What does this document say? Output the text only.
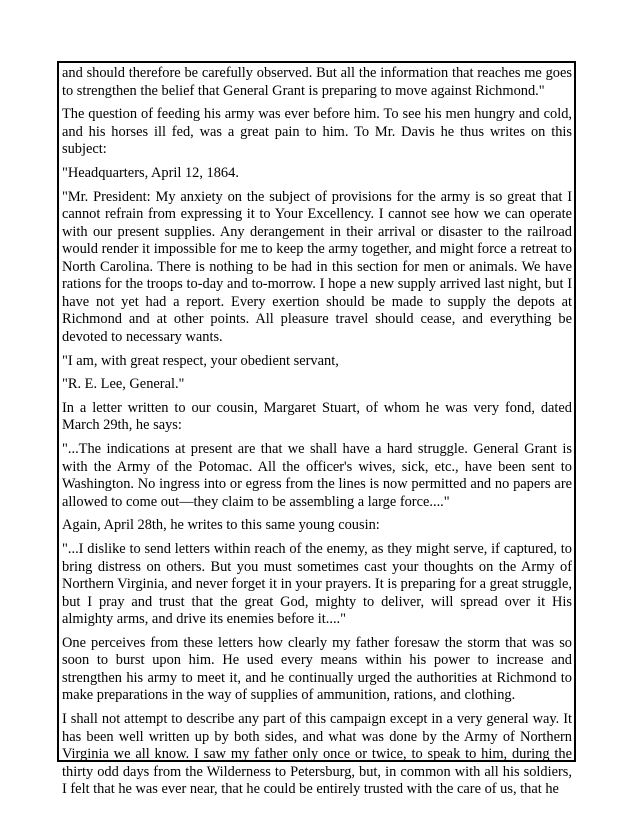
and should therefore be carefully observed. But all the information that reaches me goes to strengthen the belief that General Grant is preparing to move against Richmond."

The question of feeding his army was ever before him. To see his men hungry and cold, and his horses ill fed, was a great pain to him. To Mr. Davis he thus writes on this subject:

"Headquarters, April 12, 1864.

"Mr. President: My anxiety on the subject of provisions for the army is so great that I cannot refrain from expressing it to Your Excellency. I cannot see how we can operate with our present supplies. Any derangement in their arrival or disaster to the railroad would render it impossible for me to keep the army together, and might force a retreat to North Carolina. There is nothing to be had in this section for men or animals. We have rations for the troops to-day and to-morrow. I hope a new supply arrived last night, but I have not yet had a report. Every exertion should be made to supply the depots at Richmond and at other points. All pleasure travel should cease, and everything be devoted to necessary wants.

"I am, with great respect, your obedient servant,

"R. E. Lee, General."

In a letter written to our cousin, Margaret Stuart, of whom he was very fond, dated March 29th, he says:

"...The indications at present are that we shall have a hard struggle. General Grant is with the Army of the Potomac. All the officer's wives, sick, etc., have been sent to Washington. No ingress into or egress from the lines is now permitted and no papers are allowed to come out—they claim to be assembling a large force...."

Again, April 28th, he writes to this same young cousin:

"...I dislike to send letters within reach of the enemy, as they might serve, if captured, to bring distress on others. But you must sometimes cast your thoughts on the Army of Northern Virginia, and never forget it in your prayers. It is preparing for a great struggle, but I pray and trust that the great God, mighty to deliver, will spread over it His almighty arms, and drive its enemies before it...."

One perceives from these letters how clearly my father foresaw the storm that was so soon to burst upon him. He used every means within his power to increase and strengthen his army to meet it, and he continually urged the authorities at Richmond to make preparations in the way of supplies of ammunition, rations, and clothing.

I shall not attempt to describe any part of this campaign except in a very general way. It has been well written up by both sides, and what was done by the Army of Northern Virginia we all know. I saw my father only once or twice, to speak to him, during the thirty odd days from the Wilderness to Petersburg, but, in common with all his soldiers, I felt that he was ever near, that he could be entirely trusted with the care of us, that he
